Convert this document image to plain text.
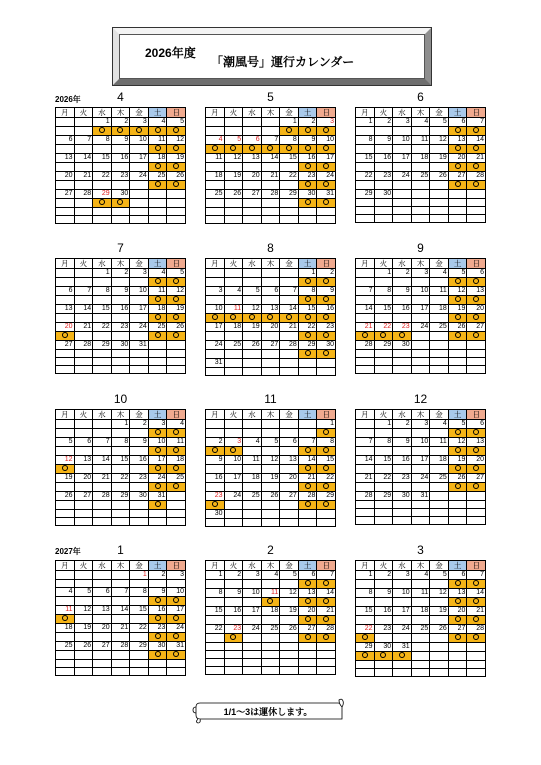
2026年度
「潮風号」運行カレンダー
2026年
2027年
4
月	火	水	木	金	土	日
		1	2	3	4	5

6	7	8	9	10	11	12

13	14	15	16	17	18	19

20	21	22	23	24	25	26

27	28	29	30			

5
月	火	水	木	金	土	日
				1	2	3

4	5	6	7	8	9	10

11	12	13	14	15	16	17

18	19	20	21	22	23	24

25	26	27	28	29	30	31

6
月	火	水	木	金	土	日
1	2	3	4	5	6	7

8	9	10	11	12	13	14

15	16	17	18	19	20	21

22	23	24	25	26	27	28

29	30					

7
月	火	水	木	金	土	日
		1	2	3	4	5

6	7	8	9	10	11	12

13	14	15	16	17	18	19

20	21	22	23	24	25	26

27	28	29	30	31		

8
月	火	水	木	金	土	日
					1	2

3	4	5	6	7	8	9

10	11	12	13	14	15	16

17	18	19	20	21	22	23

24	25	26	27	28	29	30

31						

9
月	火	水	木	金	土	日
	1	2	3	4	5	6

7	8	9	10	11	12	13

14	15	16	17	18	19	20

21	22	23	24	25	26	27

28	29	30				

10
月	火	水	木	金	土	日
			1	2	3	4

5	6	7	8	9	10	11

12	13	14	15	16	17	18

19	20	21	22	23	24	25

26	27	28	29	30	31	

11
月	火	水	木	金	土	日
						1

2	3	4	5	6	7	8

9	10	11	12	13	14	15

16	17	18	19	20	21	22

23	24	25	26	27	28	29

30						

12
月	火	水	木	金	土	日
	1	2	3	4	5	6

7	8	9	10	11	12	13

14	15	16	17	18	19	20

21	22	23	24	25	26	27

28	29	30	31			

1
月	火	水	木	金	土	日
				1	2	3

4	5	6	7	8	9	10

11	12	13	14	15	16	17

18	19	20	21	22	23	24

25	26	27	28	29	30	31

2
月	火	水	木	金	土	日
1	2	3	4	5	6	7

8	9	10	11	12	13	14

15	16	17	18	19	20	21

22	23	24	25	26	27	28

3
月	火	水	木	金	土	日
1	2	3	4	5	6	7

8	9	10	11	12	13	14

15	16	17	18	19	20	21

22	23	24	25	26	27	28

29	30	31				

1/1～3は運休します。
